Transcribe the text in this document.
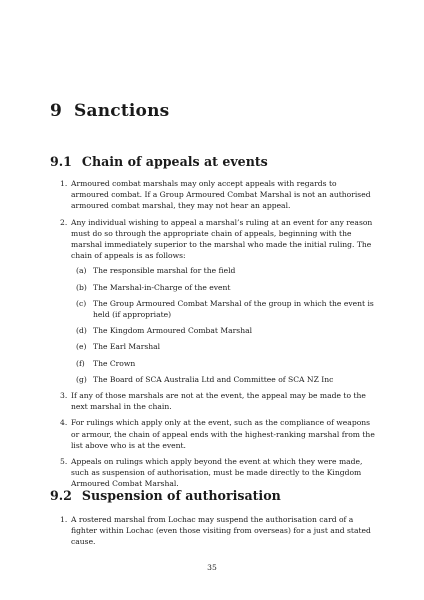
9 Sanctions
9.1 Chain of appeals at events
1. Armoured combat marshals may only accept appeals with regards to armoured combat. If a Group Armoured Combat Marshal is not an authorised armoured combat marshal, they may not hear an appeal.
2. Any individual wishing to appeal a marshal’s ruling at an event for any reason must do so through the appropriate chain of appeals, beginning with the marshal immediately superior to the marshal who made the initial ruling. The chain of appeals is as follows:
(a) The responsible marshal for the field
(b) The Marshal-in-Charge of the event
(c) The Group Armoured Combat Marshal of the group in which the event is held (if appropriate)
(d) The Kingdom Armoured Combat Marshal
(e) The Earl Marshal
(f) The Crown
(g) The Board of SCA Australia Ltd and Committee of SCA NZ Inc
3. If any of those marshals are not at the event, the appeal may be made to the next marshal in the chain.
4. For rulings which apply only at the event, such as the compliance of weapons or armour, the chain of appeal ends with the highest-ranking marshal from the list above who is at the event.
5. Appeals on rulings which apply beyond the event at which they were made, such as suspension of authorisation, must be made directly to the Kingdom Armoured Combat Marshal.
9.2 Suspension of authorisation
1. A rostered marshal from Lochac may suspend the authorisation card of a fighter within Lochac (even those visiting from overseas) for a just and stated cause.
35
